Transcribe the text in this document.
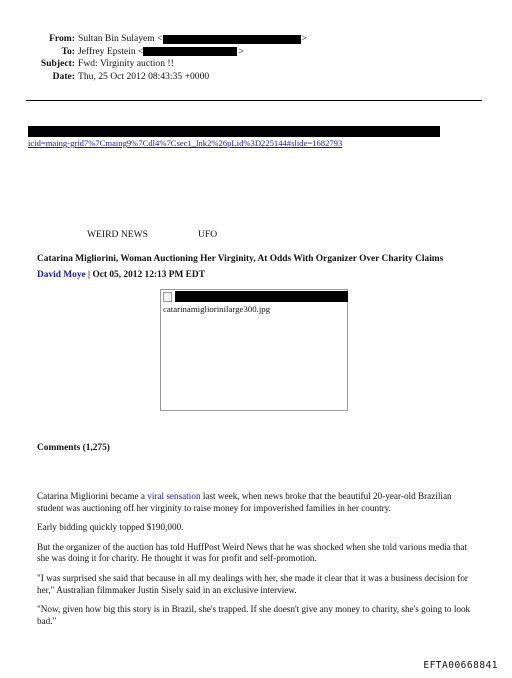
From: Sultan Bin Sulayem <	>
To: Jeffrey Epstein <	>
Subject: Fwd: Virginity auction !!
Date: Thu, 25 Oct 2012 08:43:35 +0000
icid=maing-grid7%7Cmaing9%7Cdl4%7Csec1_lnk2%26pLid%3D225144#slide=1682793
WEIRD NEWS	UFO
Catarina Migliorini, Woman Auctioning Her Virginity, At Odds With Organizer Over Charity Claims
David Moye | Oct 05, 2012 12:13 PM EDT
catarinamigliorinilarge300.jpg
Comments (1,275)

Catarina Migliorini became a viral sensation last week, when news broke that the beautiful 20-year-old Brazilian student was auctioning off her virginity to raise money for impoverished families in her country.

Early bidding quickly topped $190,000.

But the organizer of the auction has told HuffPost Weird News that he was shocked when she told various media that she was doing it for charity. He thought it was for profit and self-promotion.

"I was surprised she said that because in all my dealings with her, she made it clear that it was a business decision for her," Australian filmmaker Justin Sisely said in an exclusive interview.

"Now, given how big this story is in Brazil, she's trapped. If she doesn't give any money to charity, she's going to look bad."

EFTA00668841
